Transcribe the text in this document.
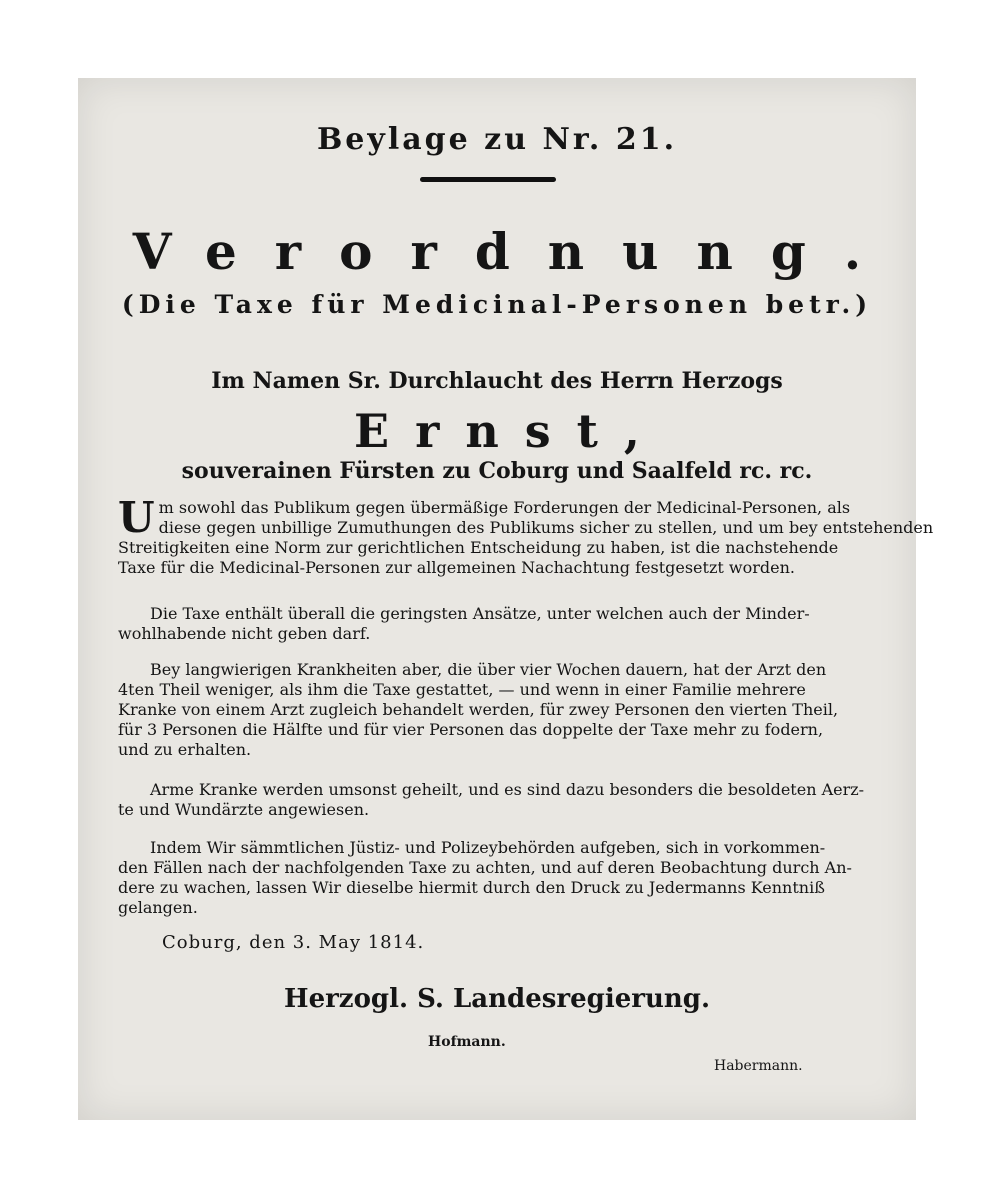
Beylage zu Nr. 21.
Verordnung.
(Die Taxe für Medicinal-Personen betr.)
Im Namen Sr. Durchlaucht des Herrn Herzogs
Ernst,
souverainen Fürsten zu Coburg und Saalfeld rc. rc.
U m sowohl das Publikum gegen übermäßige Forderungen der Medicinal-Personen, als
diese gegen unbillige Zumuthungen des Publikums sicher zu stellen, und um bey entstehenden
Streitigkeiten eine Norm zur gerichtlichen Entscheidung zu haben, ist die nachstehende
Taxe für die Medicinal-Personen zur allgemeinen Nachachtung festgesetzt worden.
Die Taxe enthält überall die geringsten Ansätze, unter welchen auch der Minder-
wohlhabende nicht geben darf.
Bey langwierigen Krankheiten aber, die über vier Wochen dauern, hat der Arzt den
4ten Theil weniger, als ihm die Taxe gestattet, — und wenn in einer Familie mehrere
Kranke von einem Arzt zugleich behandelt werden, für zwey Personen den vierten Theil,
für 3 Personen die Hälfte und für vier Personen das doppelte der Taxe mehr zu fodern,
und zu erhalten.
Arme Kranke werden umsonst geheilt, und es sind dazu besonders die besoldeten Aerz-
te und Wundärzte angewiesen.
Indem Wir sämmtlichen Jüstiz- und Polizeybehörden aufgeben, sich in vorkommen-
den Fällen nach der nachfolgenden Taxe zu achten, und auf deren Beobachtung durch An-
dere zu wachen, lassen Wir dieselbe hiermit durch den Druck zu Jedermanns Kenntniß
gelangen.
Coburg, den 3. May 1814.
Herzogl. S. Landesregierung.
Hofmann.
Habermann.
